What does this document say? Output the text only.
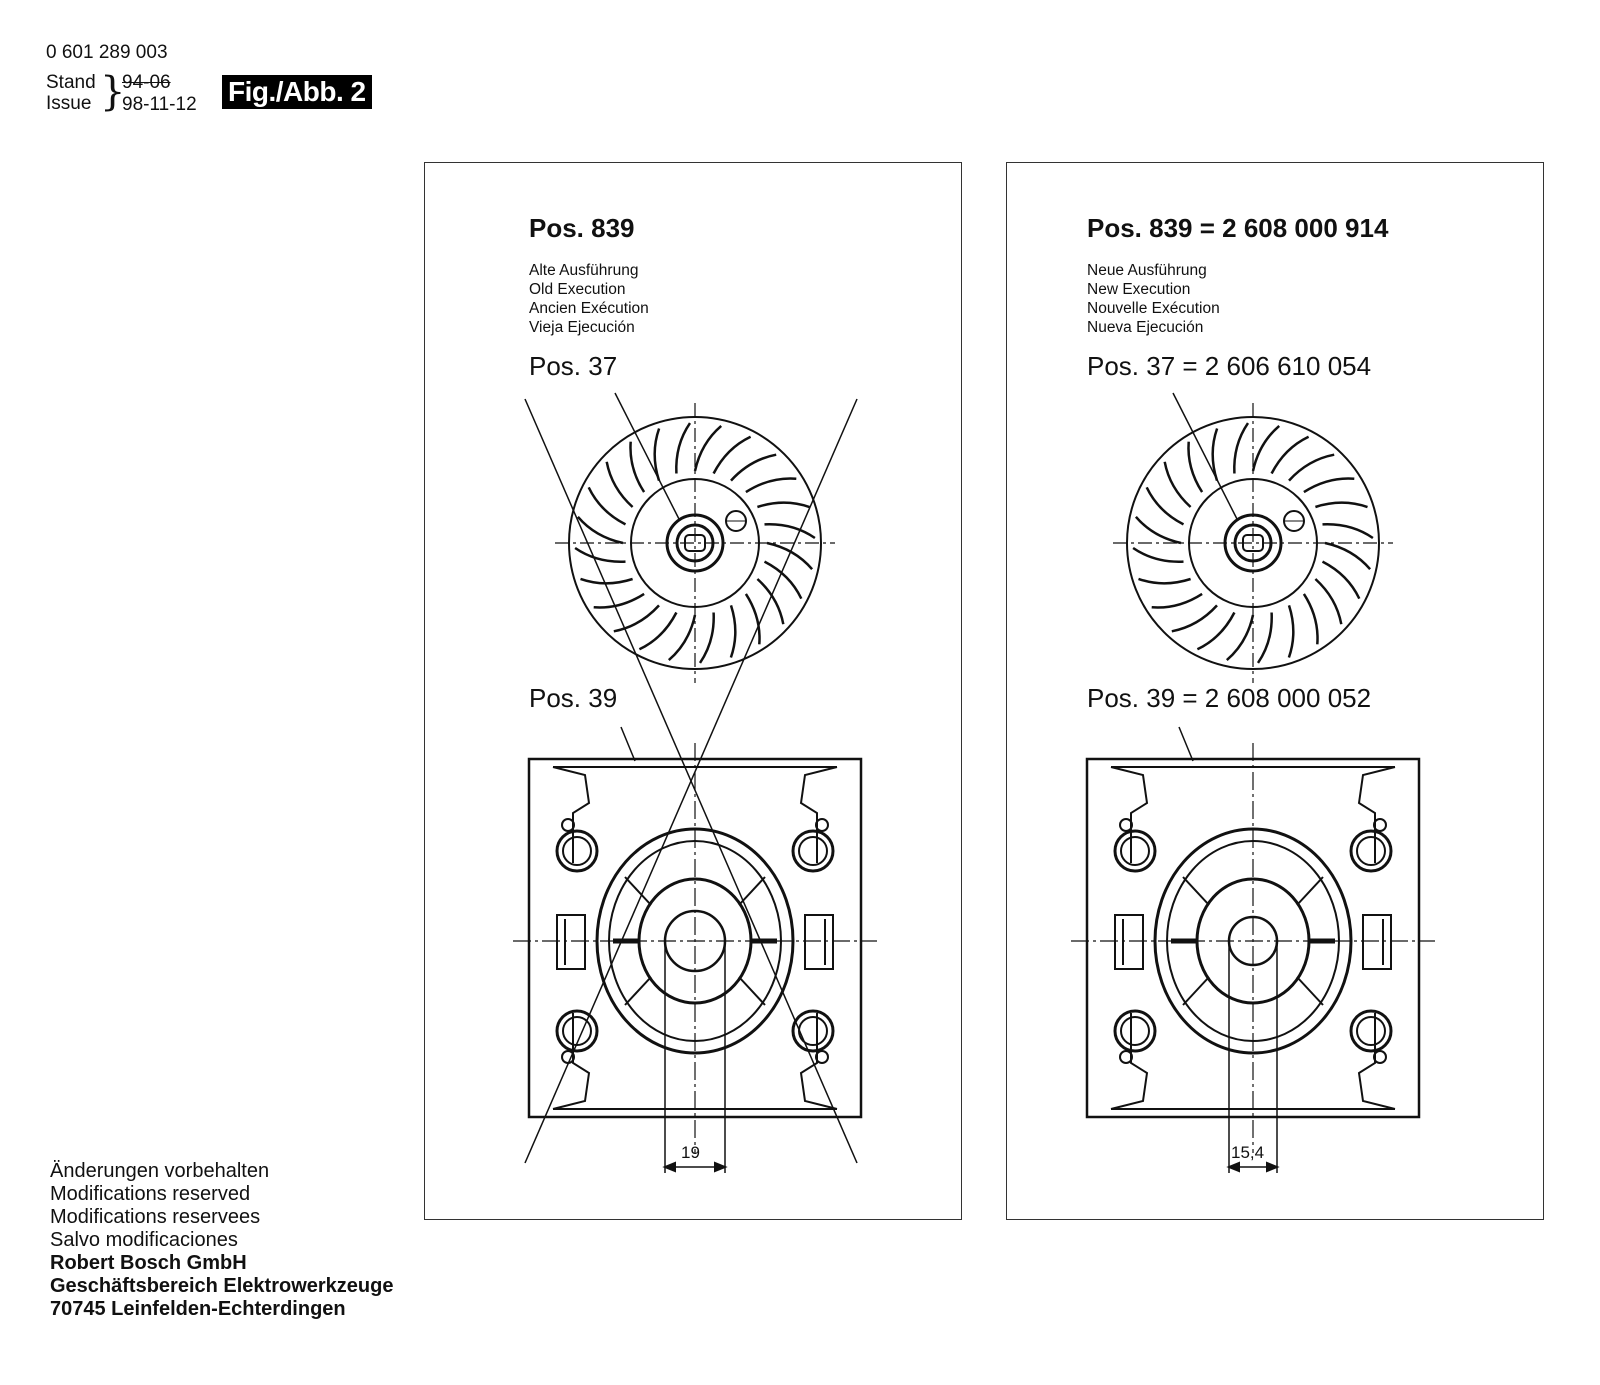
0 601 289 003
Stand
Issue }
94-06
98-11-12 Fig./Abb. 2
Pos. 839
Alte Ausführung
Old Execution
Ancien Exécution
Vieja Ejecución
Pos. 37
Pos. 39
19
Pos. 839 = 2 608 000 914
Neue Ausführung
New Execution
Nouvelle Exécution
Nueva Ejecución
Pos. 37 = 2 606 610 054
Pos. 39 = 2 608 000 052
15,4
Änderungen vorbehalten
Modifications reserved
Modifications reservees
Salvo modificaciones
Robert Bosch GmbH
Geschäftsbereich Elektrowerkzeuge
70745 Leinfelden-Echterdingen
